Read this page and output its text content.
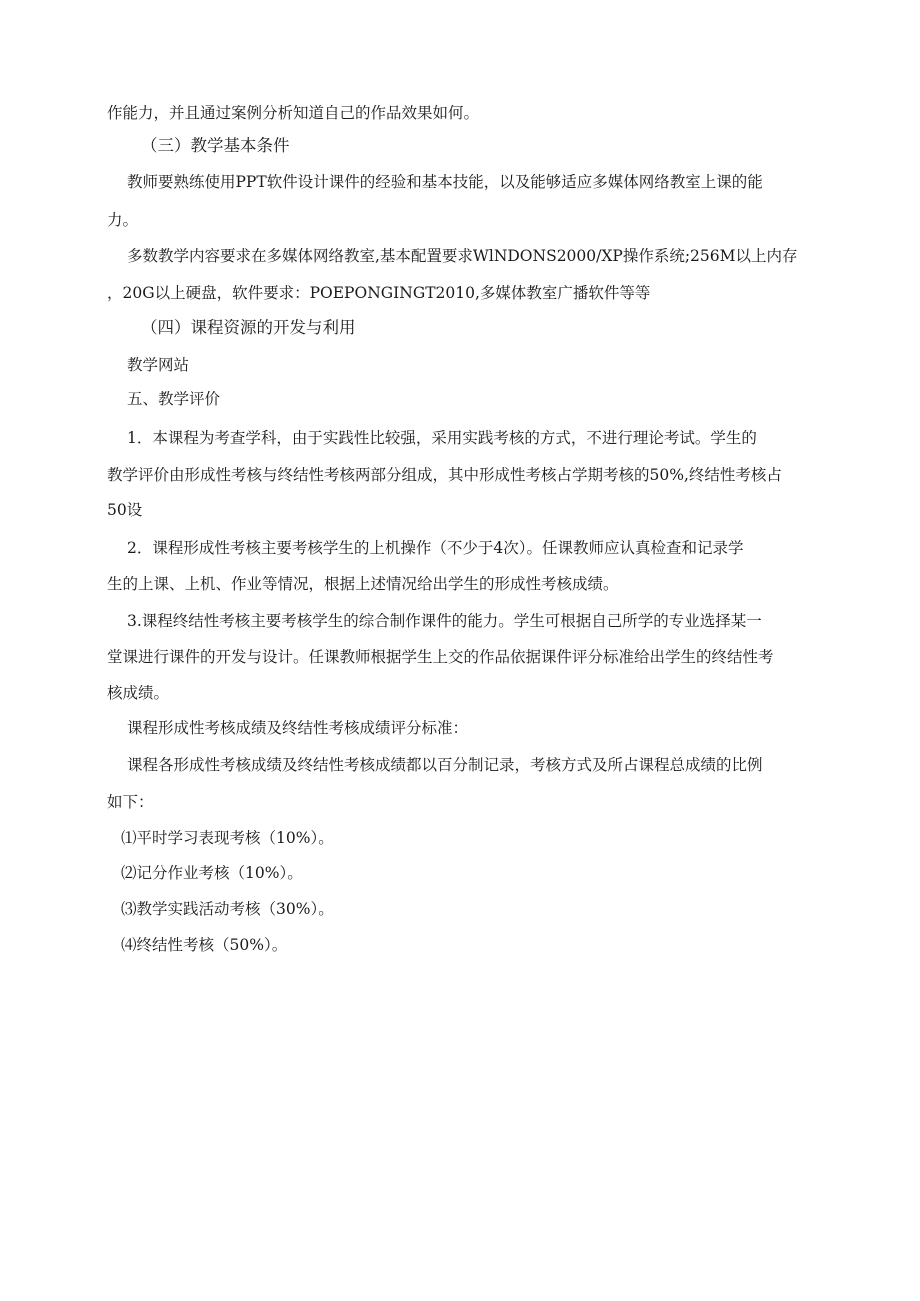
作能力，并且通过案例分析知道自己的作品效果如何。

（三）教学基本条件

教师要熟练使用PPT软件设计课件的经验和基本技能，以及能够适应多媒体网络教室上课的能

力。

多数教学内容要求在多媒体网络教室,基本配置要求WlNDONS2000/XP操作系统;256M以上内存

，20G以上硬盘，软件要求：POEPONGINGT2010,多媒体教室广播软件等等

（四）课程资源的开发与利用

教学网站

五、教学评价

1．本课程为考查学科，由于实践性比较强，采用实践考核的方式，不进行理论考试。学生的

教学评价由形成性考核与终结性考核两部分组成，其中形成性考核占学期考核的50%,终结性考核占

50设

2．课程形成性考核主要考核学生的上机操作（不少于4次）。任课教师应认真检查和记录学

生的上课、上机、作业等情况，根据上述情况给出学生的形成性考核成绩。

3.课程终结性考核主要考核学生的综合制作课件的能力。学生可根据自己所学的专业选择某一

堂课进行课件的开发与设计。任课教师根据学生上交的作品依据课件评分标准给出学生的终结性考

核成绩。

课程形成性考核成绩及终结性考核成绩评分标准：

课程各形成性考核成绩及终结性考核成绩都以百分制记录，考核方式及所占课程总成绩的比例

如下：

⑴平时学习表现考核（10%）。

⑵记分作业考核（10%）。

⑶教学实践活动考核（30%）。

⑷终结性考核（50%）。
